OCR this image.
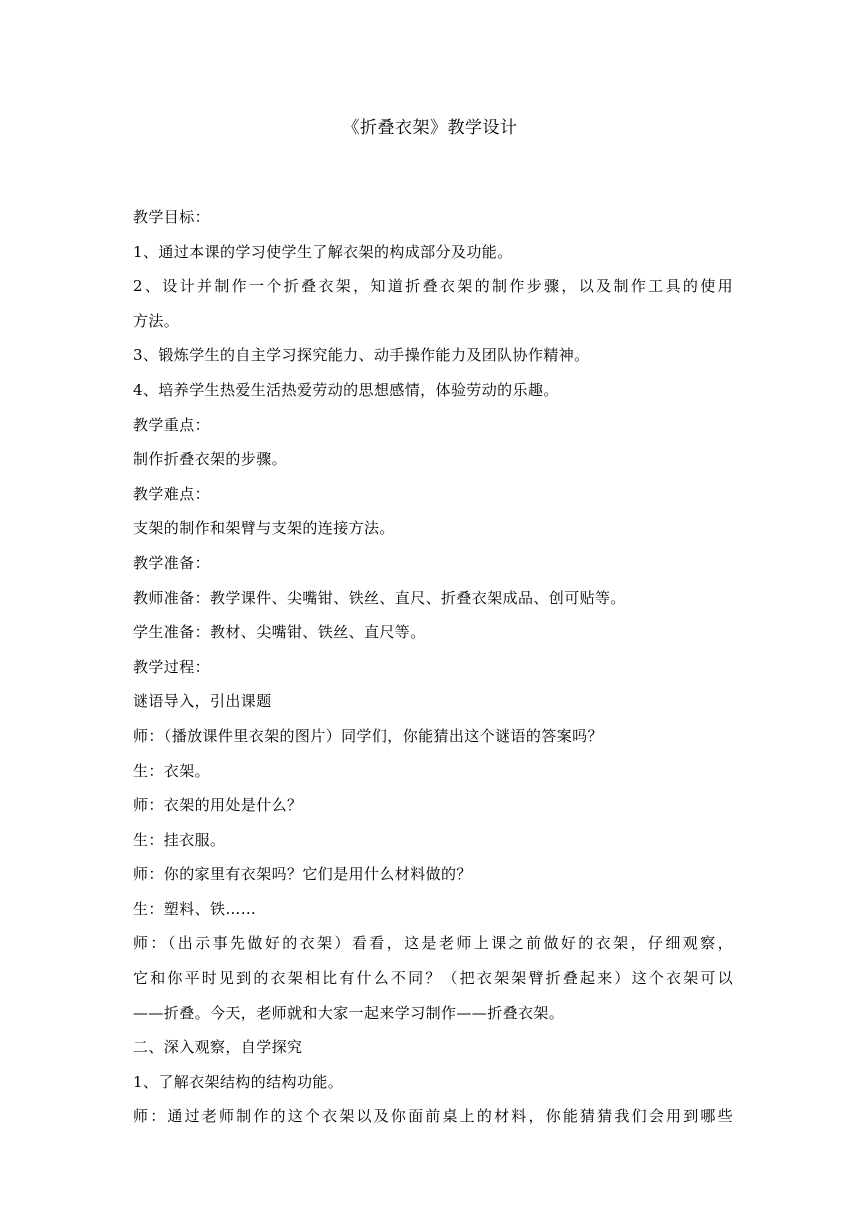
《折叠衣架》教学设计
教学目标：
1、通过本课的学习使学生了解衣架的构成部分及功能。
2、设计并制作一个折叠衣架，知道折叠衣架的制作步骤，以及制作工具的使用
方法。
3、锻炼学生的自主学习探究能力、动手操作能力及团队协作精神。
4、培养学生热爱生活热爱劳动的思想感情，体验劳动的乐趣。
教学重点：
制作折叠衣架的步骤。
教学难点：
支架的制作和架臂与支架的连接方法。
教学准备：
教师准备：教学课件、尖嘴钳、铁丝、直尺、折叠衣架成品、创可贴等。
学生准备：教材、尖嘴钳、铁丝、直尺等。
教学过程：
谜语导入，引出课题
师：（播放课件里衣架的图片）同学们，你能猜出这个谜语的答案吗？
生：衣架。
师：衣架的用处是什么？
生：挂衣服。
师：你的家里有衣架吗？它们是用什么材料做的？
生：塑料、铁……
师：（出示事先做好的衣架）看看，这是老师上课之前做好的衣架，仔细观察，
它和你平时见到的衣架相比有什么不同？（把衣架架臂折叠起来）这个衣架可以
——折叠。今天，老师就和大家一起来学习制作——折叠衣架。
二、深入观察，自学探究
1、了解衣架结构的结构功能。
师：通过老师制作的这个衣架以及你面前桌上的材料，你能猜猜我们会用到哪些
